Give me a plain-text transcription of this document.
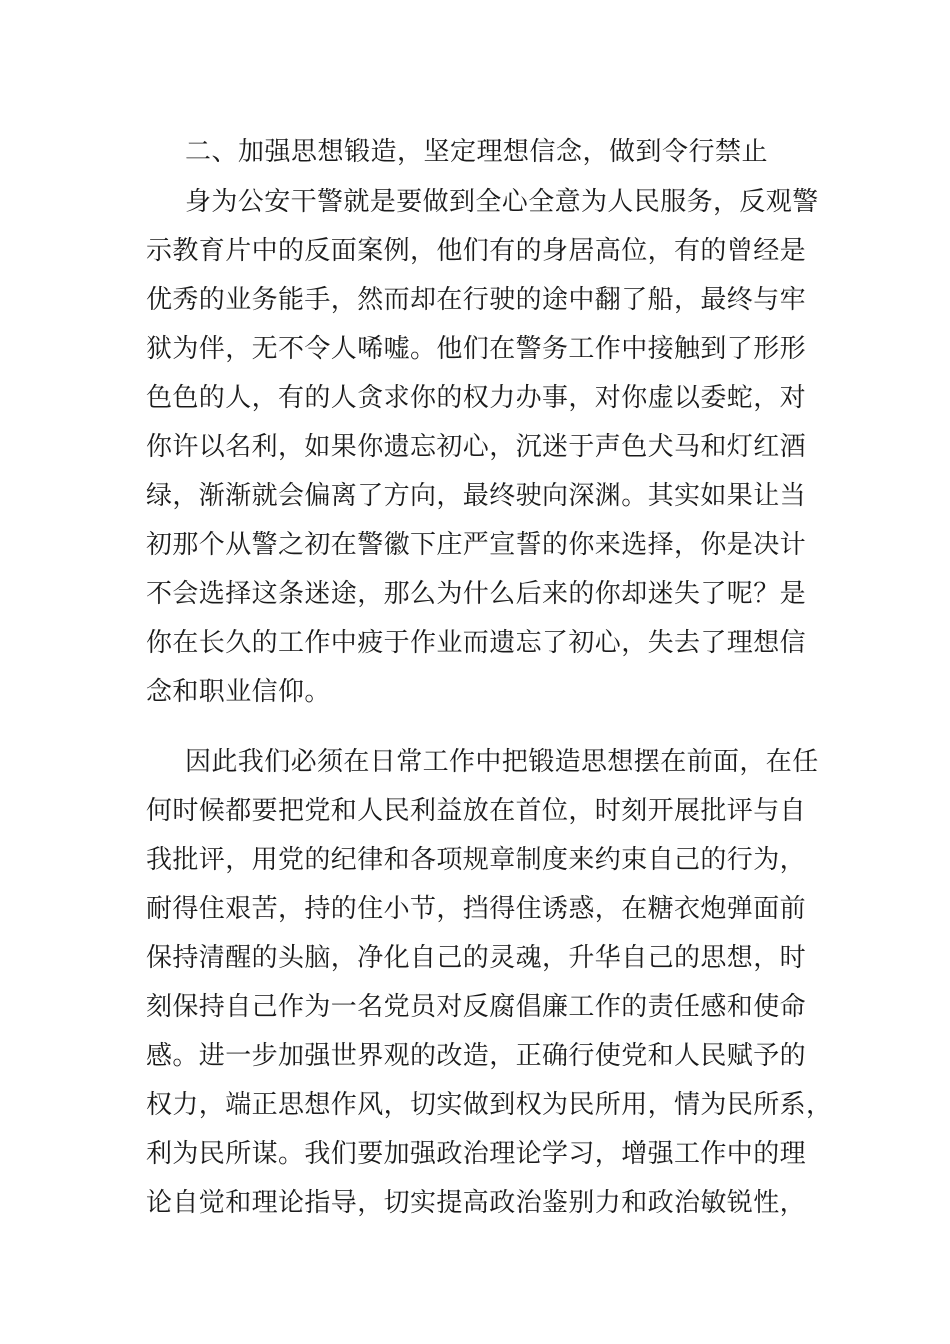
二、加强思想锻造，坚定理想信念，做到令行禁止
身为公安干警就是要做到全心全意为人民服务，反观警
示教育片中的反面案例，他们有的身居高位，有的曾经是
优秀的业务能手，然而却在行驶的途中翻了船，最终与牢
狱为伴，无不令人唏嘘。他们在警务工作中接触到了形形
色色的人，有的人贪求你的权力办事，对你虚以委蛇，对
你许以名利，如果你遗忘初心，沉迷于声色犬马和灯红酒
绿，渐渐就会偏离了方向，最终驶向深渊。其实如果让当
初那个从警之初在警徽下庄严宣誓的你来选择，你是决计
不会选择这条迷途，那么为什么后来的你却迷失了呢？是
你在长久的工作中疲于作业而遗忘了初心，失去了理想信
念和职业信仰。
因此我们必须在日常工作中把锻造思想摆在前面，在任
何时候都要把党和人民利益放在首位，时刻开展批评与自
我批评，用党的纪律和各项规章制度来约束自己的行为，
耐得住艰苦，持的住小节，挡得住诱惑，在糖衣炮弹面前
保持清醒的头脑，净化自己的灵魂，升华自己的思想，时
刻保持自己作为一名党员对反腐倡廉工作的责任感和使命
感。进一步加强世界观的改造，正确行使党和人民赋予的
权力，端正思想作风，切实做到权为民所用，情为民所系，
利为民所谋。我们要加强政治理论学习，增强工作中的理
论自觉和理论指导，切实提高政治鉴别力和政治敏锐性，
